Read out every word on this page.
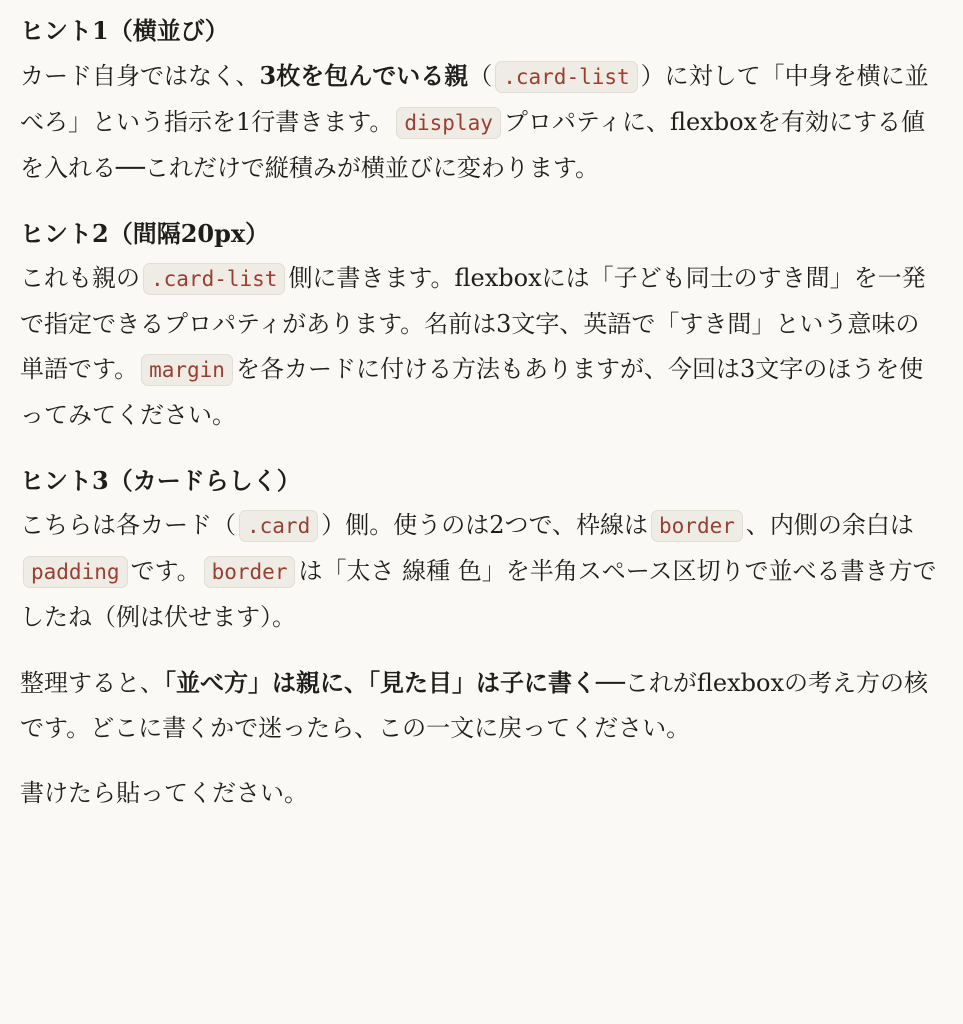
ヒント1（横並び）

カード自身ではなく、3枚を包んでいる親（ .card-list ）に対して「中身を横に並べろ」という指示を1行書きます。 display プロパティに、flexboxを有効にする値を入れる──これだけで縦積みが横並びに変わります。

ヒント2（間隔20px）

これも親の .card-list 側に書きます。flexboxには「子ども同士のすき間」を一発で指定できるプロパティがあります。名前は3文字、英語で「すき間」という意味の単語です。 margin を各カードに付ける方法もありますが、今回は3文字のほうを使ってみてください。

ヒント3（カードらしく）

こちらは各カード（ .card ）側。使うのは2つで、枠線は border 、内側の余白はpadding です。 border は「太さ 線種 色」を半角スペース区切りで並べる書き方でしたね（例は伏せます）。

整理すると、「並べ方」は親に、「見た目」は子に書く──これがflexboxの考え方の核です。どこに書くかで迷ったら、この一文に戻ってください。

書けたら貼ってください。
